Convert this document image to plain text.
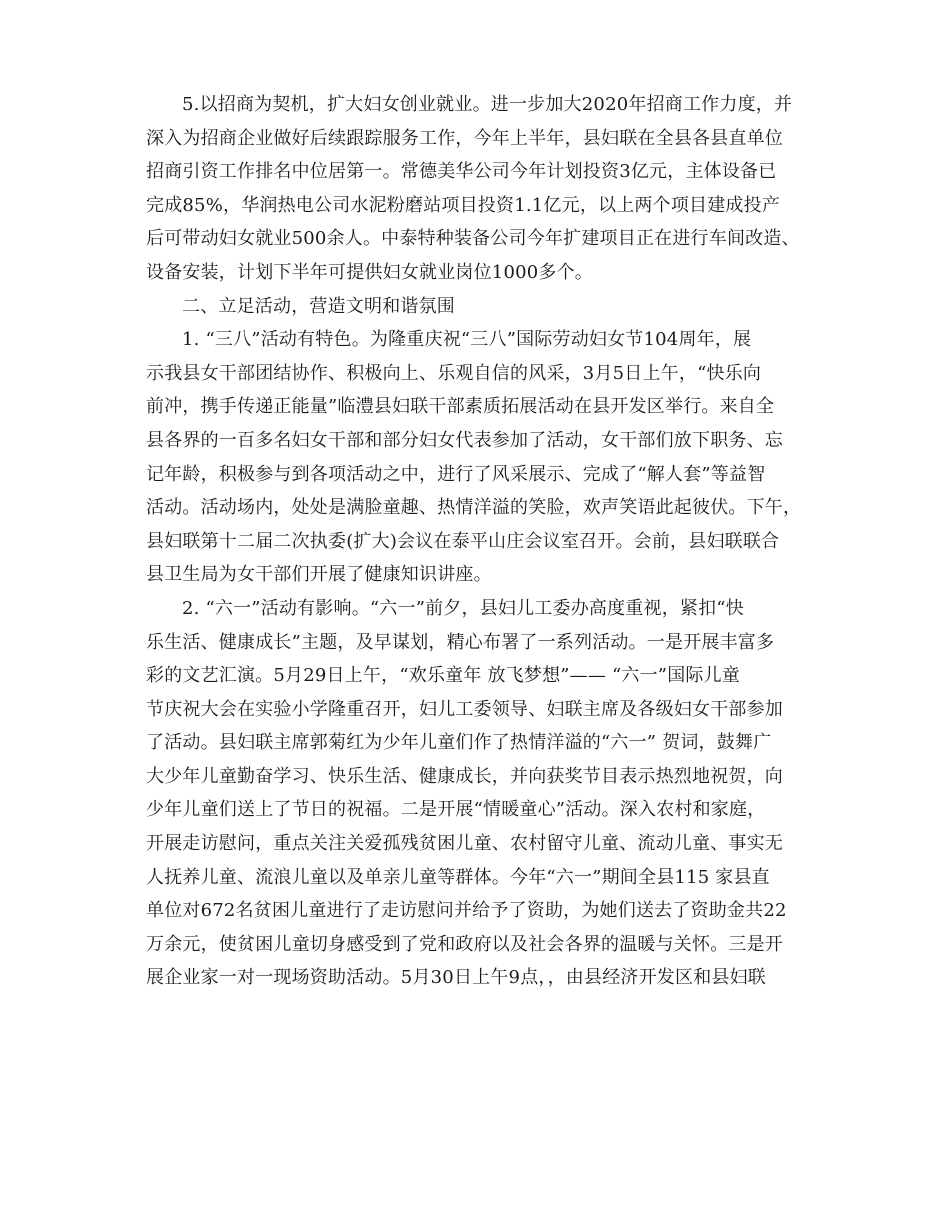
5.以招商为契机，扩大妇女创业就业。进一步加大2020年招商工作力度，并
深入为招商企业做好后续跟踪服务工作，今年上半年，县妇联在全县各县直单位
招商引资工作排名中位居第一。常德美华公司今年计划投资3亿元，主体设备已
完成85%，华润热电公司水泥粉磨站项目投资1.1亿元，以上两个项目建成投产
后可带动妇女就业500余人。中泰特种装备公司今年扩建项目正在进行车间改造、
设备安装，计划下半年可提供妇女就业岗位1000多个。
二、立足活动，营造文明和谐氛围
1. “三八”活动有特色。为隆重庆祝“三八”国际劳动妇女节104周年，展
示我县女干部团结协作、积极向上、乐观自信的风采，3月5日上午，“快乐向
前冲，携手传递正能量”临澧县妇联干部素质拓展活动在县开发区举行。来自全
县各界的一百多名妇女干部和部分妇女代表参加了活动，女干部们放下职务、忘
记年龄，积极参与到各项活动之中，进行了风采展示、完成了“解人套”等益智
活动。活动场内，处处是满脸童趣、热情洋溢的笑脸，欢声笑语此起彼伏。下午，
县妇联第十二届二次执委(扩大)会议在泰平山庄会议室召开。会前，县妇联联合
县卫生局为女干部们开展了健康知识讲座。
2. “六一”活动有影响。“六一”前夕，县妇儿工委办高度重视，紧扣“快
乐生活、健康成长”主题，及早谋划，精心布署了一系列活动。一是开展丰富多
彩的文艺汇演。5月29日上午，“欢乐童年 放飞梦想”—— “六一”国际儿童
节庆祝大会在实验小学隆重召开，妇儿工委领导、妇联主席及各级妇女干部参加
了活动。县妇联主席郭菊红为少年儿童们作了热情洋溢的“六一” 贺词，鼓舞广
大少年儿童勤奋学习、快乐生活、健康成长，并向获奖节目表示热烈地祝贺，向
少年儿童们送上了节日的祝福。二是开展“情暖童心”活动。深入农村和家庭，
开展走访慰问，重点关注关爱孤残贫困儿童、农村留守儿童、流动儿童、事实无
人抚养儿童、流浪儿童以及单亲儿童等群体。今年“六一”期间全县115 家县直
单位对672名贫困儿童进行了走访慰问并给予了资助，为她们送去了资助金共22
万余元，使贫困儿童切身感受到了党和政府以及社会各界的温暖与关怀。三是开
展企业家一对一现场资助活动。5月30日上午9点，，由县经济开发区和县妇联
